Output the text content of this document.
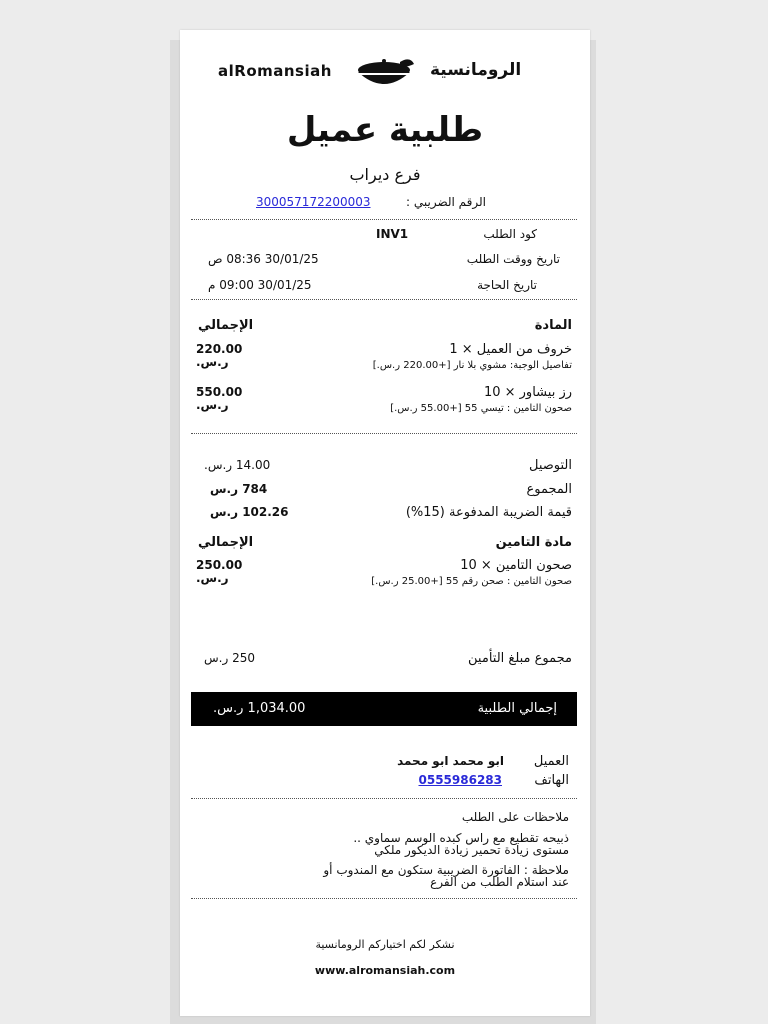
alRomansiah	الرومانسية
طلبية عميل
فرع ديراب
الرقم الضريبي :
300057172200003
كود الطلب
INV1
تاريخ ووقت الطلب
30/01/25 08:36 ص
تاريخ الحاجة
30/01/25 09:00 م
المادة
الإجمالي
خروف من العميل × 1
تفاصيل الوجبة: مشوي بلا نار [+220.00 ر.س.]
220.00
ر.س.
رز بيشاور × 10
صحون التامين : تيسي 55 [+55.00 ر.س.]
550.00
ر.س.
التوصيل
14.00 ر.س.
المجموع
784 ر.س
قيمة الضريبة المدفوعة (15%)
102.26 ر.س
مادة التامين
الإجمالي
صحون التامين × 10
صحون التامين : صحن رقم 55 [+25.00 ر.س.]
250.00
ر.س.
مجموع مبلغ التأمين
250 ر.س
إجمالي الطلبية
1,034.00 ر.س.
العميل
ابو محمد ابو محمد
الهاتف
0555986283
ملاحظات على الطلب
ذبيحه تقطيع مع راس كبده الوسم سماوي ..
مستوى زيادة تحمير زيادة الديكور ملكي
ملاحظة : الفاتورة الضريبية ستكون مع المندوب أو
عند استلام الطلب من الفرع
نشكر لكم اختياركم الرومانسية
www.alromansiah.com
